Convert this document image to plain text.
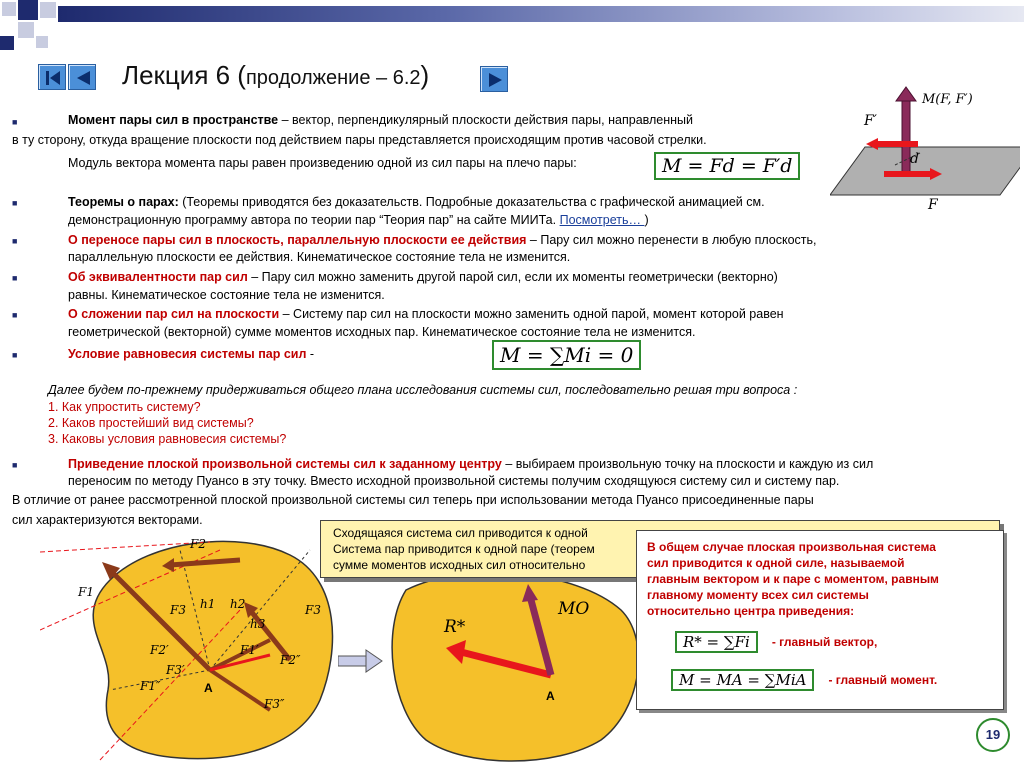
Лекция 6 (продолжение – 6.2)
■	Момент пары сил в пространстве – вектор, перпендикулярный плоскости действия пары, направленный
в ту сторону, откуда вращение плоскости под действием пары представляется происходящим против часовой стрелки.
Модуль вектора момента пары равен произведению одной из сил пары на плечо пары:	M = Fd = F′d
■	Теоремы о парах: (Теоремы приводятся без доказательств. Подробные доказательства с графической анимацией см.
демонстрационную программу автора по теории пар “Теория пар” на сайте МИИТа. Посмотреть… )
■	О переносе пары сил в плоскость, параллельную плоскости ее действия – Пару сил можно перенести в любую плоскость,
параллельную плоскости ее действия. Кинематическое состояние тела не изменится.
■	Об эквивалентности пар сил – Пару сил можно заменить другой парой сил, если их моменты геометрически (векторно)
равны. Кинематическое состояние тела не изменится.
■	О сложении пар сил на плоскости – Систему пар сил на плоскости можно заменить одной парой, момент которой равен
геометрической (векторной) сумме моментов исходных пар. Кинематическое состояние тела не изменится.
■	Условие равновесия системы пар сил -	M = ∑Mi = 0
Далее будем по-прежнему придерживаться общего плана исследования системы сил, последовательно решая три вопроса :
1. Как упростить систему?
2. Каков простейший вид системы?
3. Каковы условия равновесия системы?
■	Приведение плоской произвольной системы сил к заданному центру – выбираем произвольную точку на плоскости и каждую из сил
переносим по методу Пуансо в эту точку. Вместо исходной произвольной системы получим сходящуюся систему сил и систему пар.
В отличие от ранее рассмотренной плоской произвольной системы сил теперь при использовании метода Пуансо присоединенные пары
сил характеризуются векторами.
M(F, F′)
F′
d
F
F1
F2
F3	F3
h1 h2
h3
F1′
F2′
F1″
F2″
F3′
F3″
A
R*
MO
A
Сходящаяся система сил приводится к одной
Система пар приводится к одной паре (теорем
сумме моментов исходных сил относительно
В общем случае плоская произвольная система
сил приводится к одной силе, называемой
главным вектором и к паре с моментом, равным
главному моменту всех сил системы
относительно центра приведения:
R* = ∑Fi	- главный вектор,
M = MA = ∑MiA	- главный момент.
19
